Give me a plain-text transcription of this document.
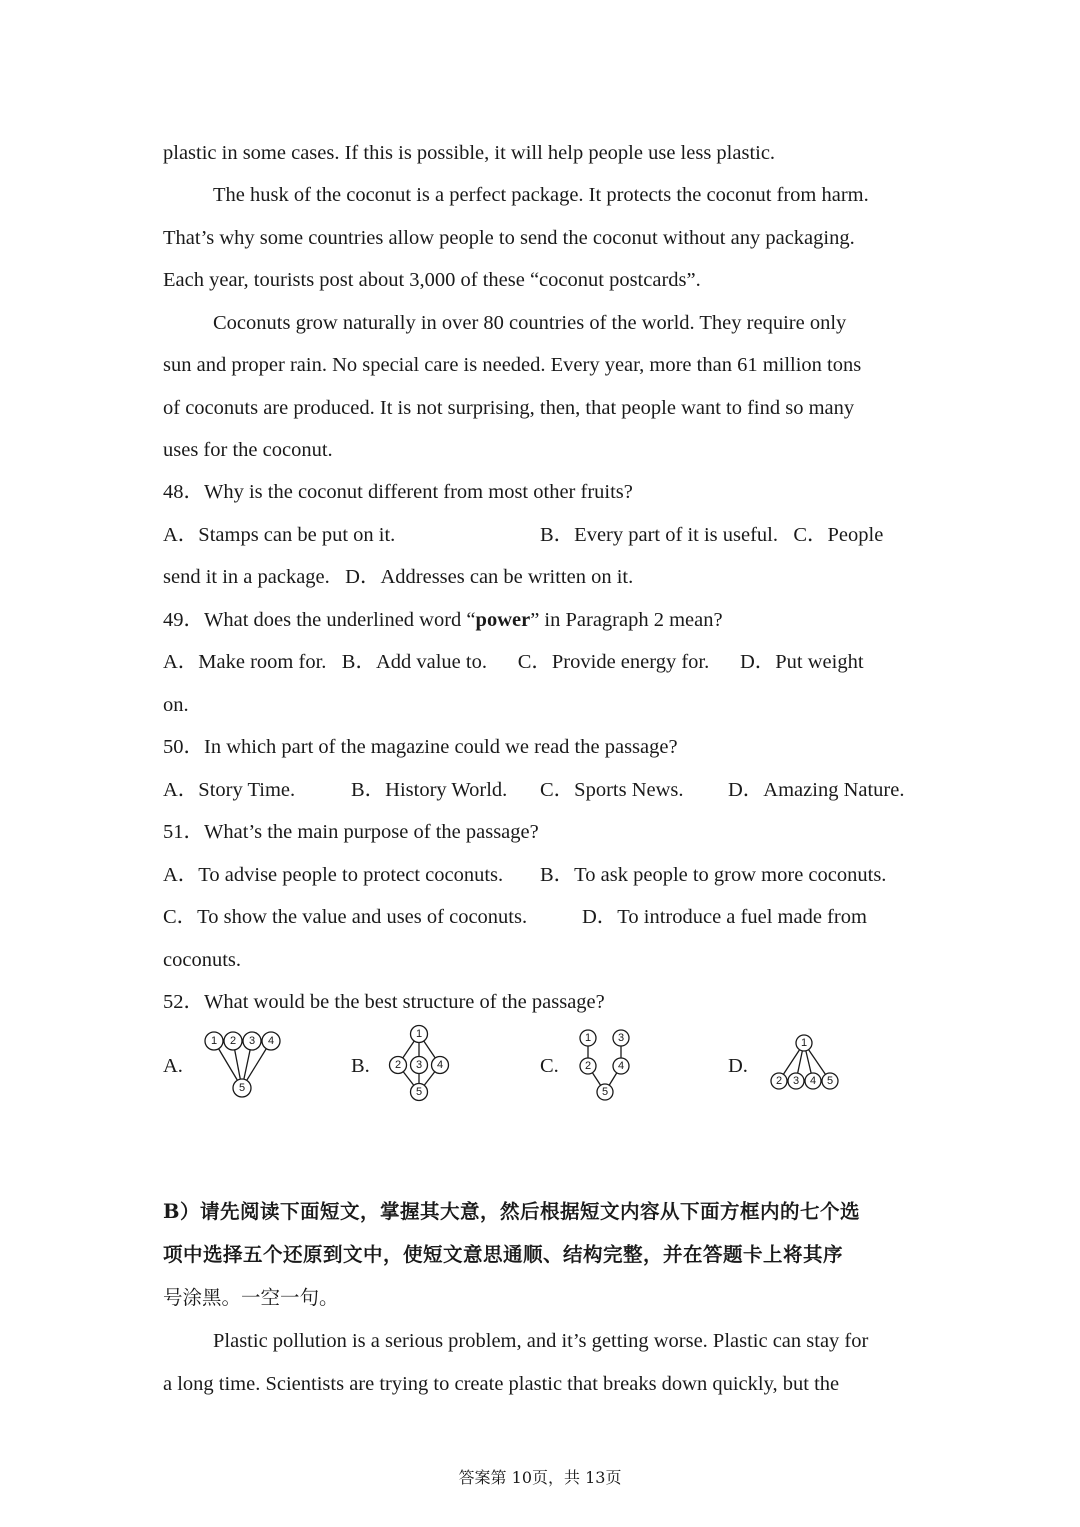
plastic in some cases. If this is possible, it will help people use less plastic.
The husk of the coconut is a perfect package. It protects the coconut from harm.
That’s why some countries allow people to send the coconut without any packaging.
Each year, tourists post about 3,000 of these “coconut postcards”.
Coconuts grow naturally in over 80 countries of the world. They require only
sun and proper rain. No special care is needed. Every year, more than 61 million tons
of coconuts are produced. It is not surprising, then, that people want to find so many
uses for the coconut.
48．Why is the coconut different from most other fruits?
A．Stamps can be put on it.	B．Every part of it is useful.   C．People
send it in a package.   D．Addresses can be written on it.
49．What does the underlined word “power” in Paragraph 2 mean?
A．Make room for.   B．Add value to.      C．Provide energy for.      D．Put weight
on.
50．In which part of the magazine could we read the passage?
A．Story Time.	B．History World. C．Sports News. D．Amazing Nature.
51．What’s the main purpose of the passage?
A．To advise people to protect coconuts. B．To ask people to grow more coconuts.
C．To show the value and uses of coconuts.	D．To introduce a fuel made from
coconuts.
52．What would be the best structure of the passage?
A.
1 2 3 4
5
B.
1
2 3 4
5
C.
1 3
2 4
5
D.
1
2 3 4 5
B）请先阅读下面短文，掌握其大意，然后根据短文内容从下面方框内的七个选
项中选择五个还原到文中，使短文意思通顺、结构完整，并在答题卡上将其序
号涂黑。一空一句。
Plastic pollution is a serious problem, and it’s getting worse. Plastic can stay for
a long time. Scientists are trying to create plastic that breaks down quickly, but the
答案第 10页，共 13页
